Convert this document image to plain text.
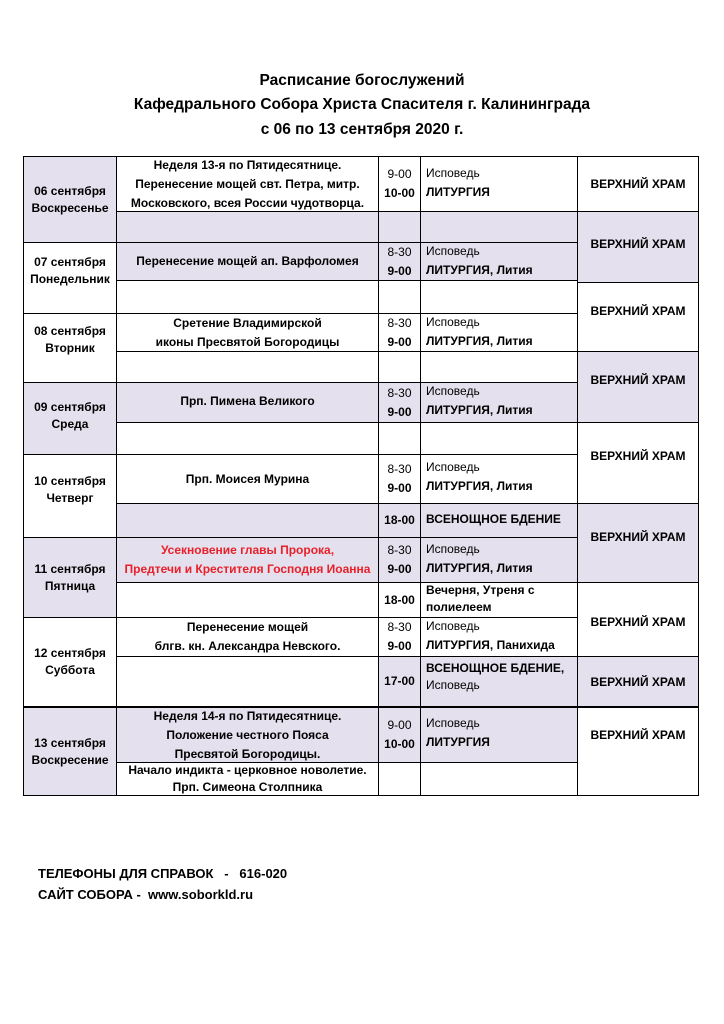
Расписание богослужений
Кафедрального Собора Христа Спасителя г. Калининграда
с 06 по 13 сентября 2020 г.
06 сентября
Воскресенье
07 сентября
Понедельник
08 сентября
Вторник
09 сентября
Среда
10 сентября
Четверг
11 сентября
Пятница
12 сентября
Суббота
13 сентября
Воскресение
Неделя 13-я по Пятидесятнице.
Перенесение мощей свт. Петра, митр.
Московского, всея России чудотворца.
Перенесение мощей ап. Варфоломея
Сретение Владимирской
иконы Пресвятой Богородицы
Прп. Пимена Великого
Прп. Моисея Мурина
Усекновение главы Пророка,
Предтечи и Крестителя Господня Иоанна
Перенесение мощей
блгв. кн. Александра Невского.
Неделя 14-я по Пятидесятнице.
Положение честного Пояса
Пресвятой Богородицы.
Начало индикта - церковное новолетие.
Прп. Симеона Столпника
9-00
10-00
8-30
9-00
8-30
9-00
8-30
9-00
8-30
9-00
18-00
8-30
9-00
18-00
8-30
9-00
17-00
9-00
10-00
Исповедь
ЛИТУРГИЯ
Исповедь
ЛИТУРГИЯ, Лития
Исповедь
ЛИТУРГИЯ, Лития
Исповедь
ЛИТУРГИЯ, Лития
Исповедь
ЛИТУРГИЯ, Лития
ВСЕНОЩНОЕ БДЕНИЕ
Исповедь
ЛИТУРГИЯ, Лития
Вечерня, Утреня с
полиелеем
Исповедь
ЛИТУРГИЯ, Панихида
ВСЕНОЩНОЕ БДЕНИЕ,
Исповедь
Исповедь
ЛИТУРГИЯ
ВЕРХНИЙ ХРАМ
ВЕРХНИЙ ХРАМ
ВЕРХНИЙ ХРАМ
ВЕРХНИЙ ХРАМ
ВЕРХНИЙ ХРАМ
ВЕРХНИЙ ХРАМ
ВЕРХНИЙ ХРАМ
ВЕРХНИЙ ХРАМ
ВЕРХНИЙ ХРАМ
ТЕЛЕФОНЫ ДЛЯ СПРАВОК   -   616-020
САЙТ СОБОРА -  www.soborkld.ru
